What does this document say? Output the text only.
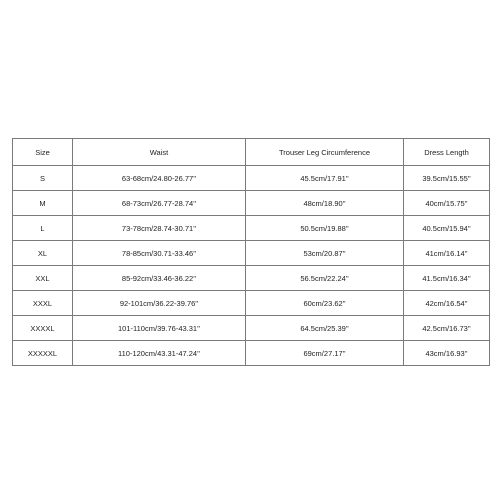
Size	Waist	Trouser Leg Circumference	Dress Length
S	63-68cm/24.80-26.77''	45.5cm/17.91''	39.5cm/15.55''
M	68-73cm/26.77-28.74''	48cm/18.90''	40cm/15.75''
L	73-78cm/28.74-30.71''	50.5cm/19.88''	40.5cm/15.94''
XL	78-85cm/30.71-33.46''	53cm/20.87''	41cm/16.14''
XXL	85-92cm/33.46-36.22''	56.5cm/22.24''	41.5cm/16.34''
XXXL	92-101cm/36.22-39.76''	60cm/23.62''	42cm/16.54''
XXXXL	101-110cm/39.76-43.31''	64.5cm/25.39''	42.5cm/16.73''
XXXXXL	110-120cm/43.31-47.24''	69cm/27.17''	43cm/16.93''
